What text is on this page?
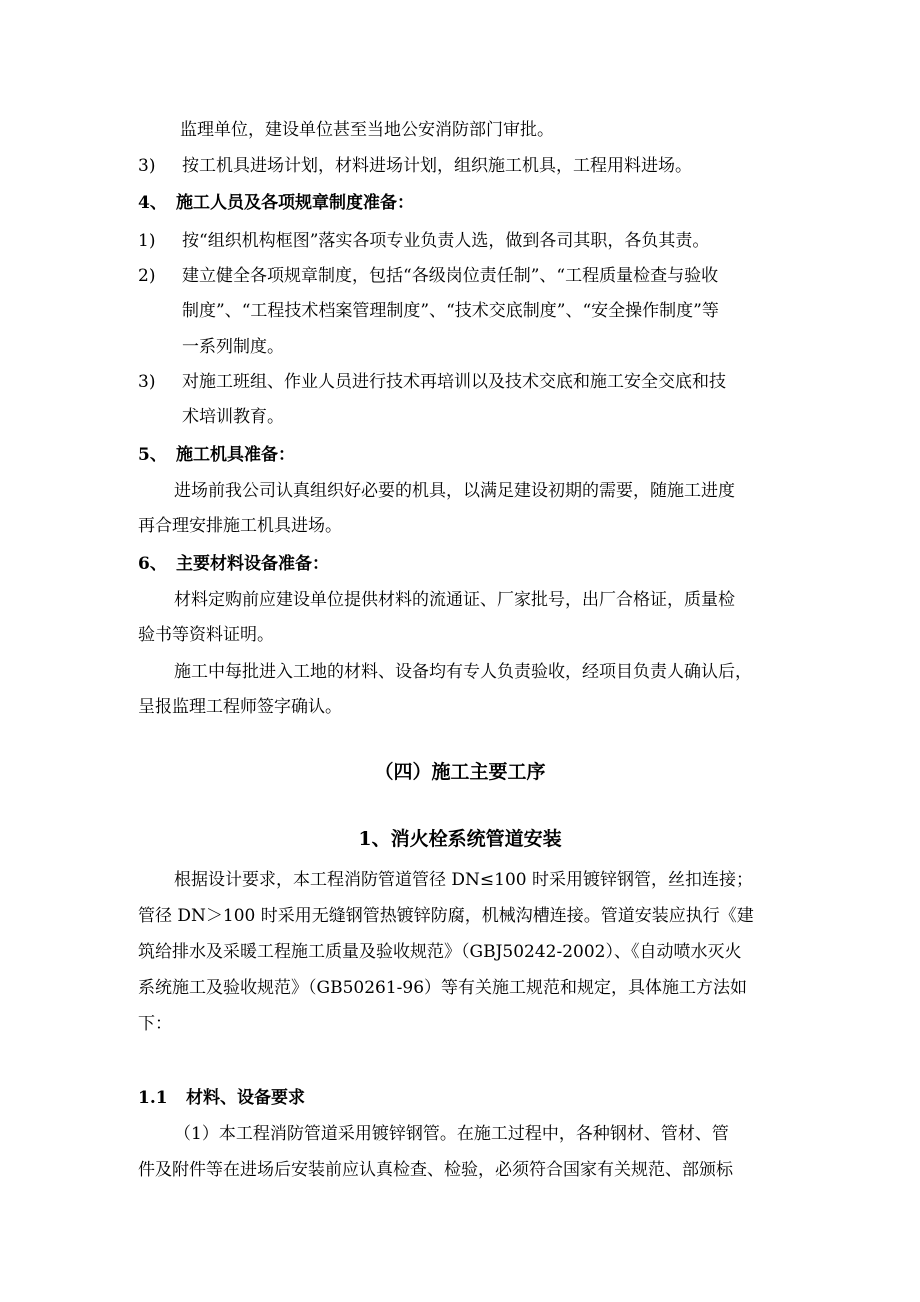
监理单位，建设单位甚至当地公安消防部门审批。
3) 按工机具进场计划，材料进场计划，组织施工机具，工程用料进场。
4、 施工人员及各项规章制度准备：
1) 按“组织机构框图”落实各项专业负责人选，做到各司其职，各负其责。
2) 建立健全各项规章制度，包括“各级岗位责任制”、“工程质量检查与验收
制度”、“工程技术档案管理制度”、“技术交底制度”、“安全操作制度”等
一系列制度。
3) 对施工班组、作业人员进行技术再培训以及技术交底和施工安全交底和技
术培训教育。
5、 施工机具准备：
进场前我公司认真组织好必要的机具，以满足建设初期的需要，随施工进度
再合理安排施工机具进场。
6、 主要材料设备准备：
材料定购前应建设单位提供材料的流通证、厂家批号，出厂合格证，质量检
验书等资料证明。
施工中每批进入工地的材料、设备均有专人负责验收，经项目负责人确认后，
呈报监理工程师签字确认。
（四）施工主要工序
1、消火栓系统管道安装
根据设计要求，本工程消防管道管径 DN≤100 时采用镀锌钢管，丝扣连接；
管径 DN＞100 时采用无缝钢管热镀锌防腐，机械沟槽连接。管道安装应执行《建
筑给排水及采暖工程施工质量及验收规范》（GBJ50242-2002）、《自动喷水灭火
系统施工及验收规范》（GB50261-96）等有关施工规范和规定，具体施工方法如
下：
1.1 材料、设备要求
（1）本工程消防管道采用镀锌钢管。在施工过程中，各种钢材、管材、管
件及附件等在进场后安装前应认真检查、检验，必须符合国家有关规范、部颁标
